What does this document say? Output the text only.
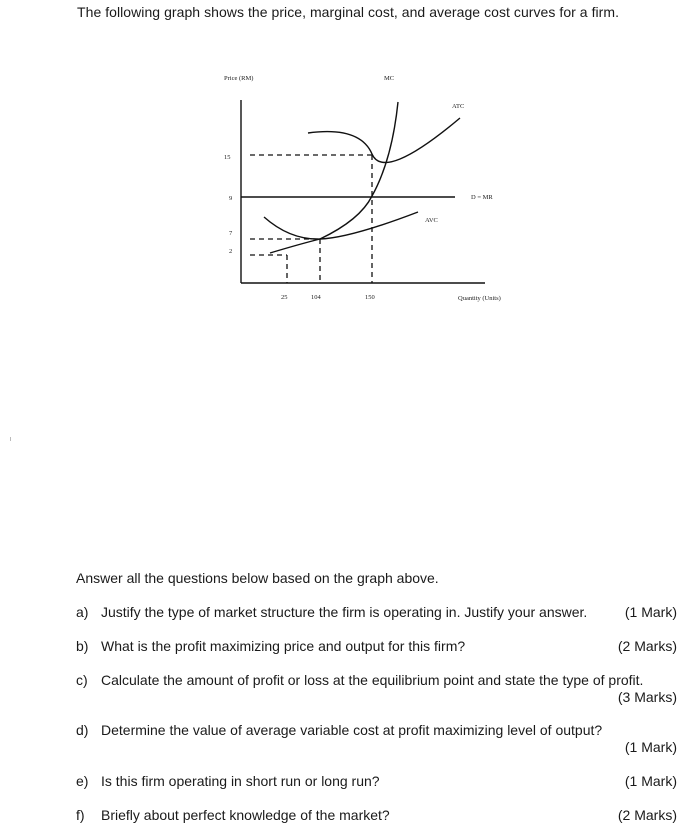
The following graph shows the price, marginal cost, and average cost curves for a firm.
Price (RM)
Quantity (Units)
15
9
7
2
25	104	150
D = MR
ATC
AVC
MC
Answer all the questions below based on the graph above.
a) Justify the type of market structure the firm is operating in. Justify your answer.	(1 Mark)
b) What is the profit maximizing price and output for this firm?	(2 Marks)
c) Calculate the amount of profit or loss at the equilibrium point and state the type of profit.
(3 Marks)
d) Determine the value of average variable cost at profit maximizing level of output?
(1 Mark)
e) Is this firm operating in short run or long run?	(1 Mark)
f) Briefly about perfect knowledge of the market?	(2 Marks)
